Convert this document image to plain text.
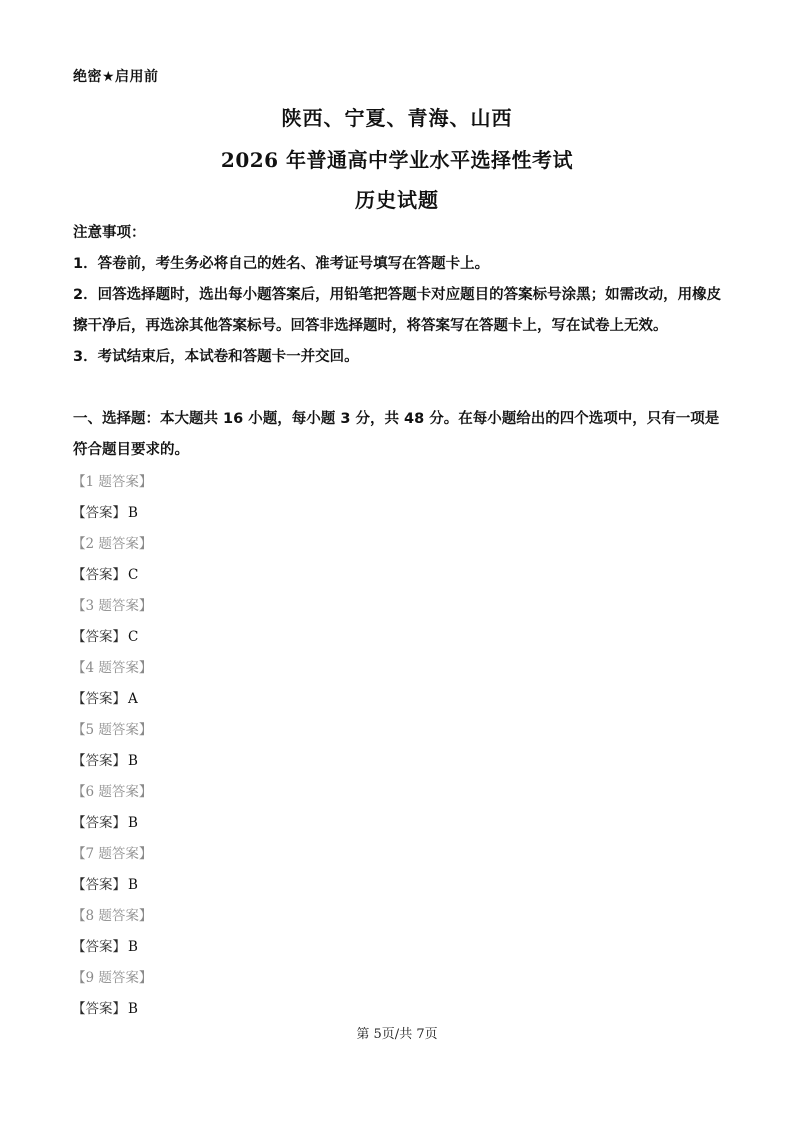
绝密★启用前
陕西、宁夏、青海、山西
2026 年普通高中学业水平选择性考试
历史试题

注意事项：

1．答卷前，考生务必将自己的姓名、准考证号填写在答题卡上。

2．回答选择题时，选出每小题答案后，用铅笔把答题卡对应题目的答案标号涂黑；如需改动，用橡皮擦干净后，再选涂其他答案标号。回答非选择题时，将答案写在答题卡上，写在试卷上无效。

3．考试结束后，本试卷和答题卡一并交回。

一、选择题：本大题共 16 小题，每小题 3 分，共 48 分。在每小题给出的四个选项中，只有一项是符合题目要求的。

【1 题答案】
【答案】 B
【2 题答案】
【答案】 C
【3 题答案】
【答案】 C
【4 题答案】
【答案】 A
【5 题答案】
【答案】 B
【6 题答案】
【答案】 B
【7 题答案】
【答案】 B
【8 题答案】
【答案】 B
【9 题答案】
【答案】 B
第 5页/共 7页
